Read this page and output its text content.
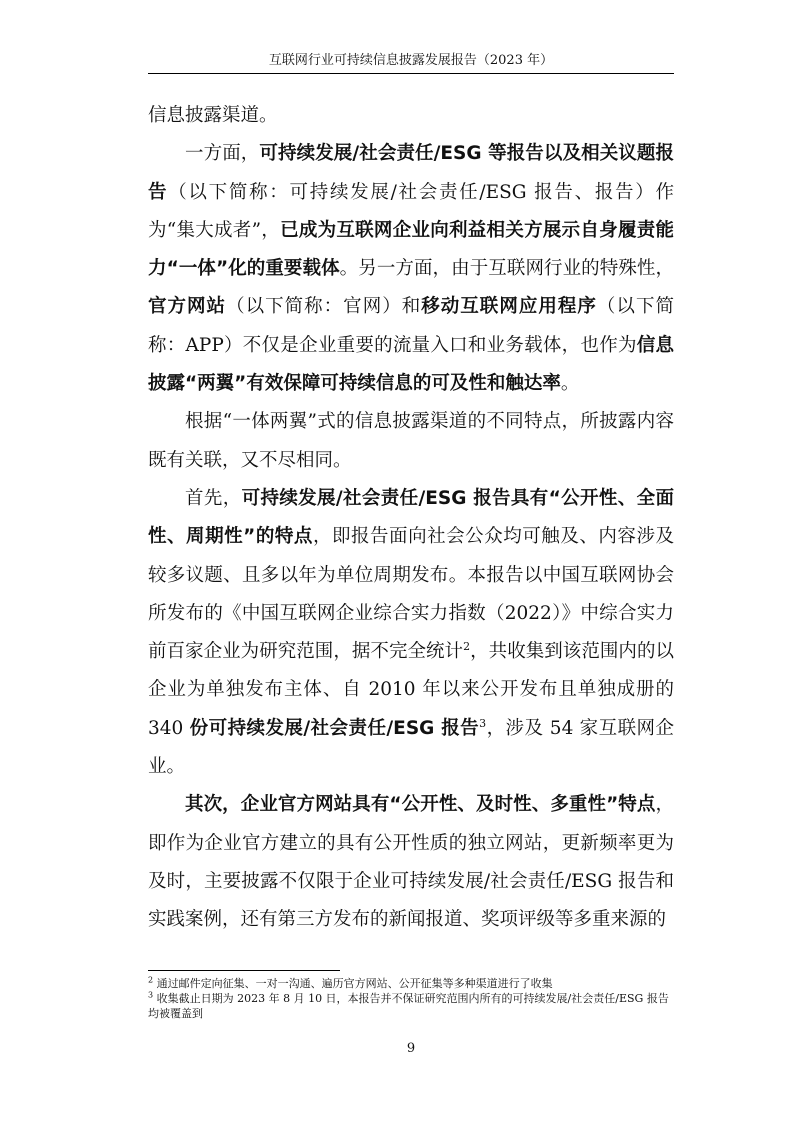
互联网行业可持续信息披露发展报告（2023 年）

信息披露渠道。

一方面，可持续发展/社会责任/ESG 等报告以及相关议题报告（以下简称：可持续发展/社会责任/ESG 报告、报告）作为“集大成者”，已成为互联网企业向利益相关方展示自身履责能力“一体”化的重要载体。另一方面，由于互联网行业的特殊性，官方网站（以下简称：官网）和移动互联网应用程序（以下简称：APP）不仅是企业重要的流量入口和业务载体，也作为信息披露“两翼”有效保障可持续信息的可及性和触达率。

根据“一体两翼”式的信息披露渠道的不同特点，所披露内容既有关联，又不尽相同。

首先，可持续发展/社会责任/ESG 报告具有“公开性、全面性、周期性”的特点，即报告面向社会公众均可触及、内容涉及较多议题、且多以年为单位周期发布。本报告以中国互联网协会所发布的《中国互联网企业综合实力指数（2022）》中综合实力前百家企业为研究范围，据不完全统计$^2$，共收集到该范围内的以企业为单独发布主体、自 2010 年以来公开发布且单独成册的 340 份可持续发展/社会责任/ESG 报告$^3$，涉及 54 家互联网企业。

其次，企业官方网站具有“公开性、及时性、多重性”特点，即作为企业官方建立的具有公开性质的独立网站，更新频率更为及时，主要披露不仅限于企业可持续发展/社会责任/ESG 报告和实践案例，还有第三方发布的新闻报道、奖项评级等多重来源的

$^2$ 通过邮件定向征集、一对一沟通、遍历官方网站、公开征集等多种渠道进行了收集

$^3$ 收集截止日期为 2023 年 8 月 10 日，本报告并不保证研究范围内所有的可持续发展/社会责任/ESG 报告均被覆盖到

9
